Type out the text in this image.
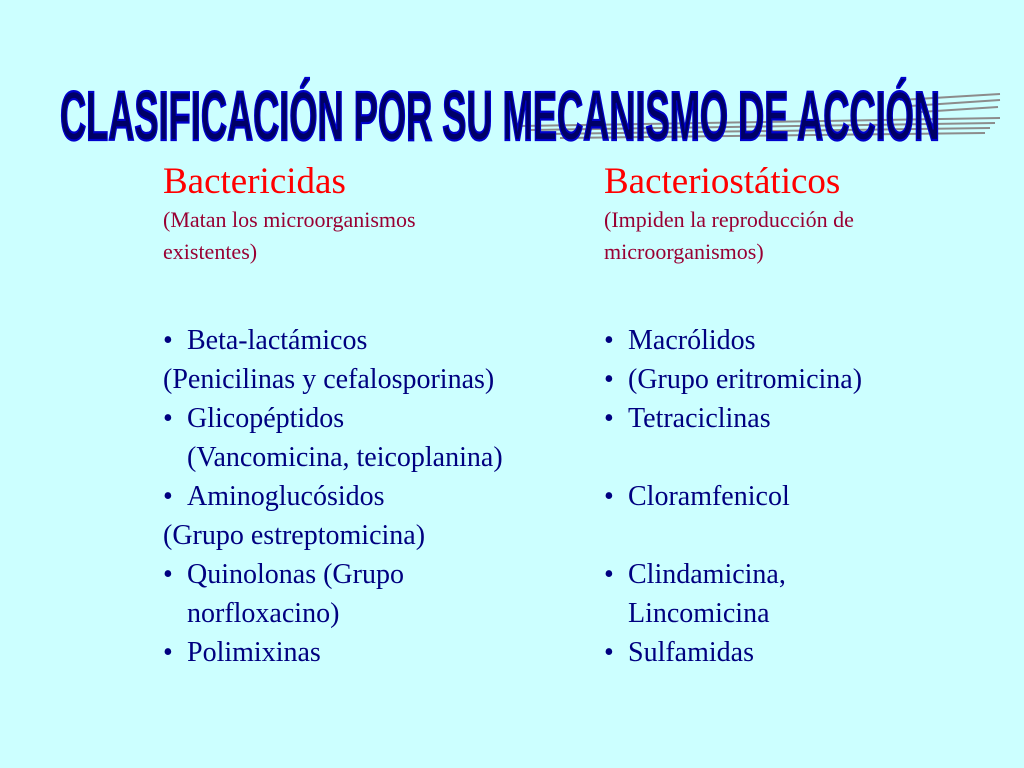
CLASIFICACIÓN POR SU MECANISMO DE ACCIÓN

Bactericidas

(Matan los microorganismos
existentes)

• Beta-lactámicos
(Penicilinas y cefalosporinas)
• Glicopéptidos
(Vancomicina, teicoplanina)
• Aminoglucósidos
(Grupo estreptomicina)
• Quinolonas (Grupo
norfloxacino)
• Polimixinas

Bacteriostáticos

(Impiden la reproducción de
microorganismos)

• Macrólidos
• (Grupo eritromicina)
• Tetraciclinas
• Cloramfenicol
• Clindamicina,
Lincomicina
• Sulfamidas
